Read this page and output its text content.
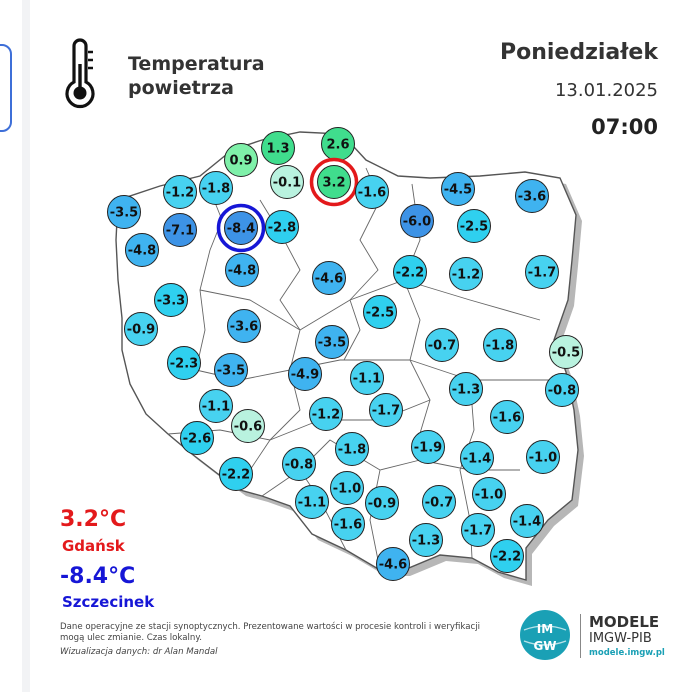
2.6
1.3
0.9
-0.1 3.2
-1.2 -1.8	-1.6	-4.5	-3.6
-3.5
-7.1	-8.4 -2.8	-6.0 -2.5
-4.8
-4.8
-4.6	-2.2 -1.2	-1.7
-3.3
-0.9	-3.6
-2.5
-3.5	-0.7 -1.8	-0.5
-2.3 -3.5	-4.9	-1.1
-1.3	-0.8
-1.1
-0.6
-1.2 -1.7	-1.6
-2.6
-1.8	-1.9
-1.4	-1.0
-2.2
-0.8
-1.0	-1.0
-1.1	-0.9 -0.7
-1.4
-1.6	-1.7
-1.3
-2.2
-4.6
Temperatura
powietrza
Poniedziałek
13.01.2025
07:00
3.2°C
Gdańsk
-8.4°C
Szczecinek
Dane operacyjne ze stacji synoptycznych. Prezentowane wartości w procesie kontroli i weryfikacji mogą ulec zmianie. Czas lokalny.
Wizualizacja danych: dr Alan Mandal
IM
GW
MODELE
IMGW-PIB
modele.imgw.pl
